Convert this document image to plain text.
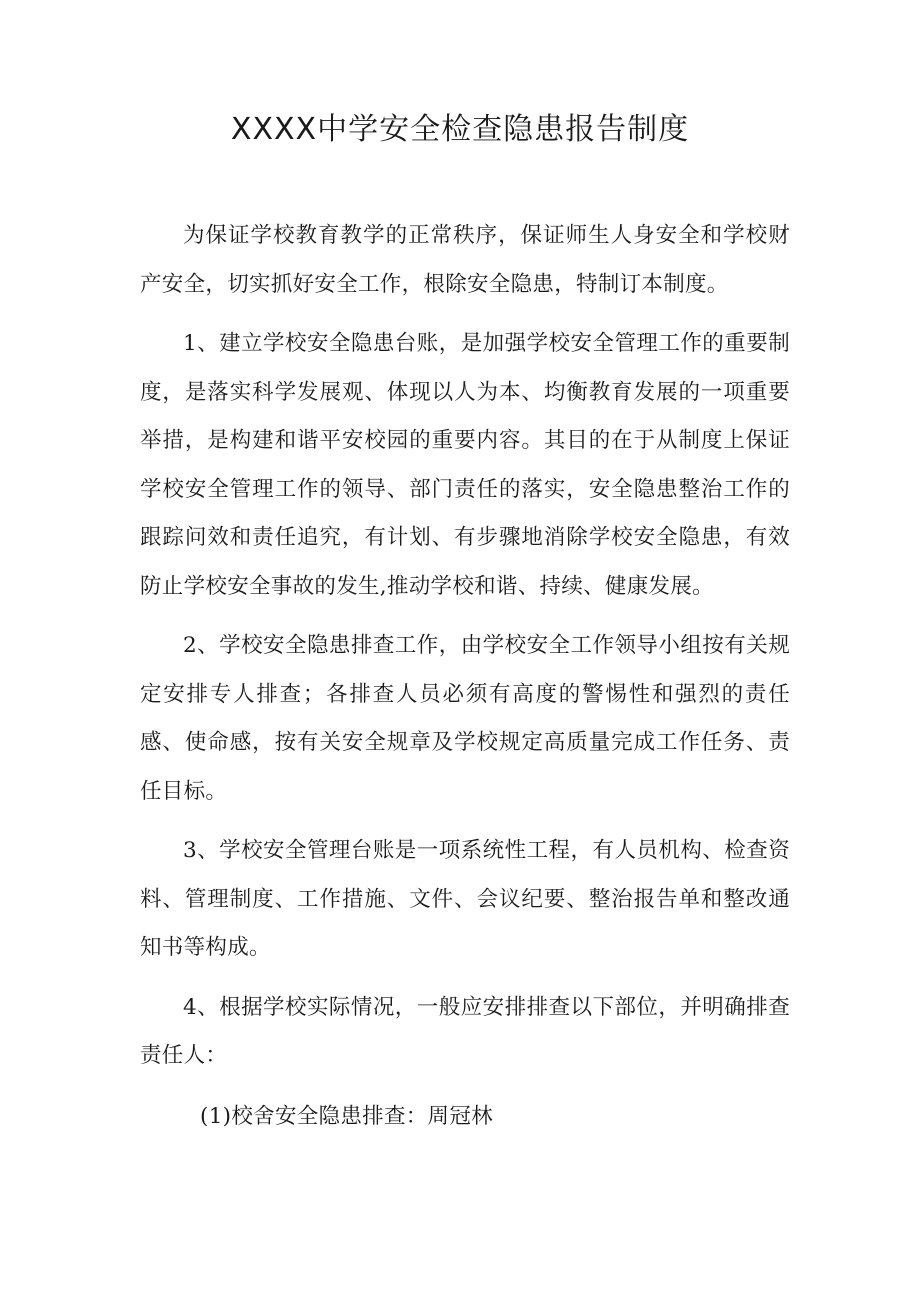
XXXX中学安全检查隐患报告制度

为保证学校教育教学的正常秩序，保证师生人身安全和学校财产安全，切实抓好安全工作，根除安全隐患，特制订本制度。

1、建立学校安全隐患台账，是加强学校安全管理工作的重要制度，是落实科学发展观、体现以人为本、均衡教育发展的一项重要举措，是构建和谐平安校园的重要内容。其目的在于从制度上保证学校安全管理工作的领导、部门责任的落实，安全隐患整治工作的跟踪问效和责任追究，有计划、有步骤地消除学校安全隐患，有效防止学校安全事故的发生,推动学校和谐、持续、健康发展。

2、学校安全隐患排查工作，由学校安全工作领导小组按有关规定安排专人排查；各排查人员必须有高度的警惕性和强烈的责任感、使命感，按有关安全规章及学校规定高质量完成工作任务、责任目标。

3、学校安全管理台账是一项系统性工程，有人员机构、检查资料、管理制度、工作措施、文件、会议纪要、整治报告单和整改通知书等构成。

4、根据学校实际情况，一般应安排排查以下部位，并明确排查责任人：

(1)校舍安全隐患排查：周冠林
